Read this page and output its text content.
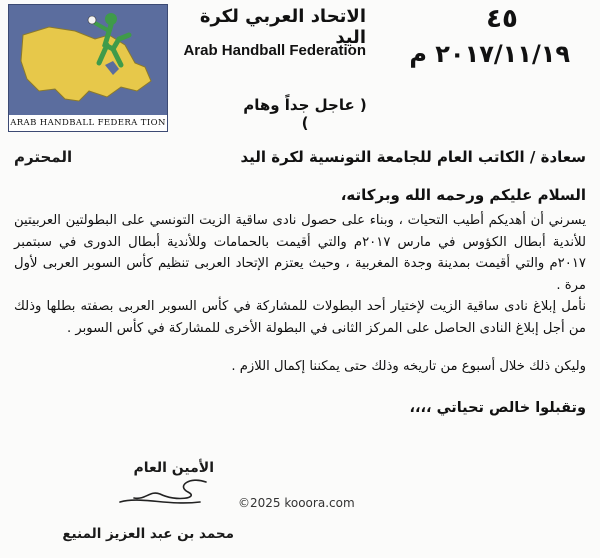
ARAB HANDBALL FEDERA TION
الاتحاد العربي لكرة اليد
Arab Handball Federation
٤٥
٢٠١٧/١١/١٩ م
( عاجل جداً وهام )
سعادة / الكاتب العام للجامعة التونسية لكرة اليد
المحترم
السلام عليكم ورحمه الله وبركاته،
يسرني أن أهديكم أطيب التحيات ، وبناء على حصول نادى ساقية الزيت التونسي على البطولتين العربيتين للأندية أبطال الكؤوس في مارس ٢٠١٧م والتي أقيمت بالحمامات وللأندية أبطال الدورى في سبتمبر ٢٠١٧م والتي أقيمت بمدينة وجدة المغربية ، وحيث يعتزم الإتحاد العربى تنظيم كأس السوبر العربى لأول مرة .
نأمل إبلاغ نادى ساقية الزيت لإختيار أحد البطولات للمشاركة في كأس السوبر العربى بصفته بطلها وذلك من أجل إبلاغ النادى الحاصل على المركز الثانى في البطولة الأخرى للمشاركة في كأس السوبر .
وليكن ذلك خلال أسبوع من تاريخه وذلك حتى يمكننا إكمال اللازم .
وتقبلوا خالص تحياتي ،،،،
الأمين العام
محمد بن عبد العزيز المنيع
©2025 kooora.com
